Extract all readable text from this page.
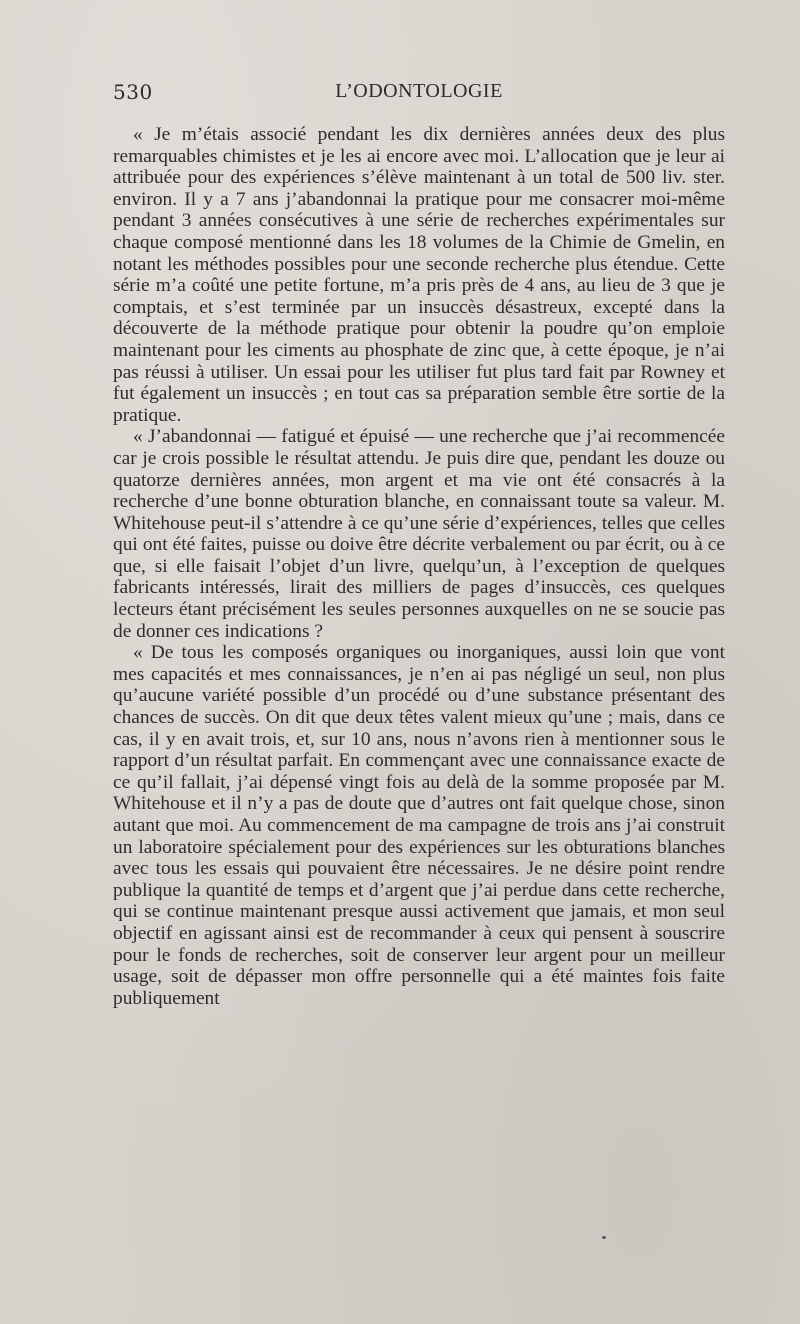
530	L’ODONTOLOGIE

« Je m’étais associé pendant les dix dernières années deux des plus remarquables chimistes et je les ai encore avec moi. L’allocation que je leur ai attribuée pour des expériences s’élève maintenant à un total de 500 liv. ster. environ. Il y a 7 ans j’abandonnai la pratique pour me consacrer moi-même pendant 3 années consécutives à une série de recherches expérimentales sur chaque composé mentionné dans les 18 volumes de la Chimie de Gmelin, en notant les méthodes possibles pour une seconde recherche plus étendue. Cette série m’a coûté une petite fortune, m’a pris près de 4 ans, au lieu de 3 que je comptais, et s’est terminée par un insuccès désastreux, excepté dans la découverte de la méthode pratique pour obtenir la poudre qu’on emploie maintenant pour les ciments au phosphate de zinc que, à cette époque, je n’ai pas réussi à utiliser. Un essai pour les utiliser fut plus tard fait par Rowney et fut également un insuccès ; en tout cas sa préparation semble être sortie de la pratique.

« J’abandonnai — fatigué et épuisé — une recherche que j’ai recommencée car je crois possible le résultat attendu. Je puis dire que, pendant les douze ou quatorze dernières années, mon argent et ma vie ont été consacrés à la recherche d’une bonne obturation blanche, en connaissant toute sa valeur. M. Whitehouse peut-il s’attendre à ce qu’une série d’expériences, telles que celles qui ont été faites, puisse ou doive être décrite verbalement ou par écrit, ou à ce que, si elle faisait l’objet d’un livre, quelqu’un, à l’exception de quelques fabricants intéressés, lirait des milliers de pages d’insuccès, ces quelques lecteurs étant précisément les seules personnes auxquelles on ne se soucie pas de donner ces indications ?

« De tous les composés organiques ou inorganiques, aussi loin que vont mes capacités et mes connaissances, je n’en ai pas négligé un seul, non plus qu’aucune variété possible d’un procédé ou d’une substance présentant des chances de succès. On dit que deux têtes valent mieux qu’une ; mais, dans ce cas, il y en avait trois, et, sur 10 ans, nous n’avons rien à mentionner sous le rapport d’un résultat parfait. En commençant avec une connaissance exacte de ce qu’il fallait, j’ai dépensé vingt fois au delà de la somme proposée par M. Whitehouse et il n’y a pas de doute que d’autres ont fait quelque chose, sinon autant que moi. Au commencement de ma campagne de trois ans j’ai construit un laboratoire spécialement pour des expériences sur les obturations blanches avec tous les essais qui pouvaient être nécessaires. Je ne désire point rendre publique la quantité de temps et d’argent que j’ai perdue dans cette recherche, qui se continue maintenant presque aussi activement que jamais, et mon seul objectif en agissant ainsi est de recommander à ceux qui pensent à souscrire pour le fonds de recherches, soit de conserver leur argent pour un meilleur usage, soit de dépasser mon offre personnelle qui a été maintes fois faite publiquement
